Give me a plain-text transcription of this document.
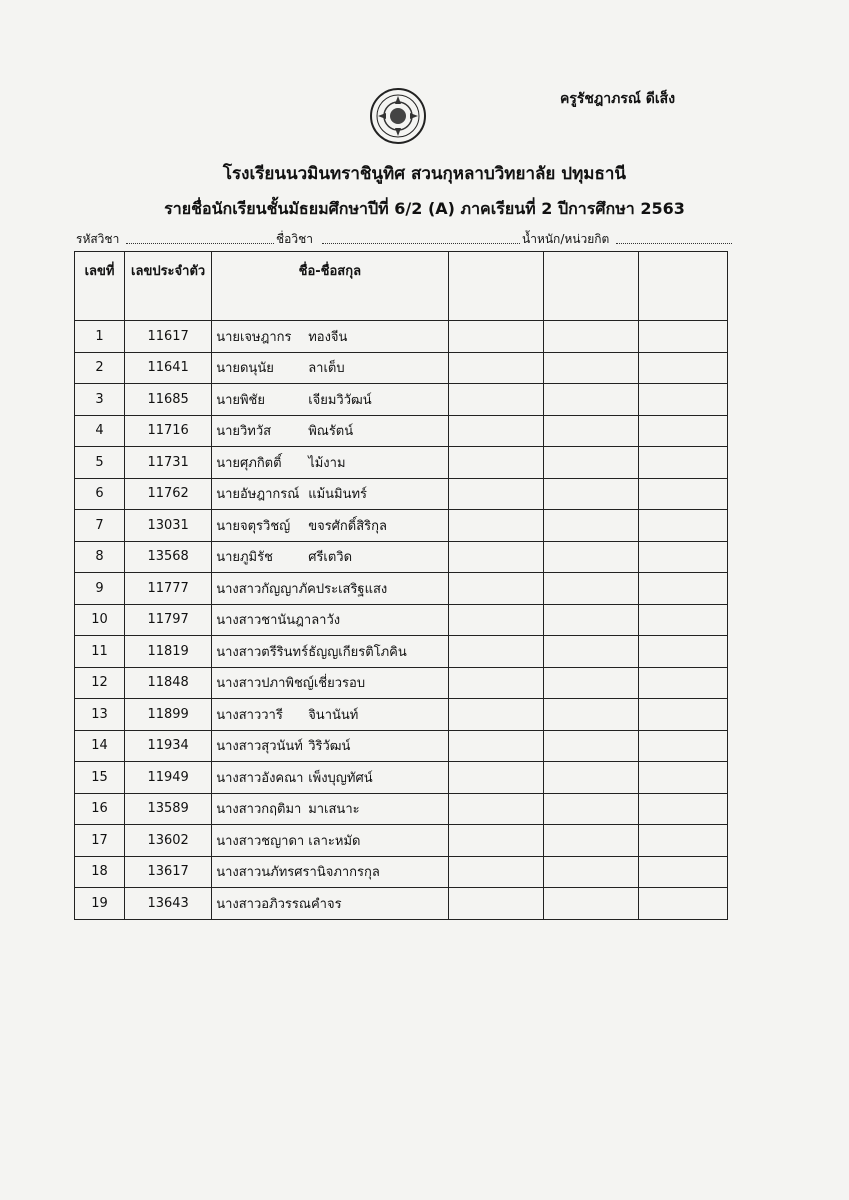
ครูรัชฎาภรณ์ ดีเส็ง
โรงเรียนนวมินทราชินูทิศ สวนกุหลาบวิทยาลัย ปทุมธานี
รายชื่อนักเรียนชั้นมัธยมศึกษาปีที่ 6/2 (A) ภาคเรียนที่ 2 ปีการศึกษา 2563
รหัสวิชา	ชื่อวิชา	น้ำหนัก/หน่วยกิต
เลขที่	เลขประจำตัว	ชื่อ-ชื่อสกุล			
1	11617	นายเจษฎากร ทองจีน			
2	11641	นายดนุนัย ลาเต็บ			
3	11685	นายพิชัย เจียมวิวัฒน์			
4	11716	นายวิทวัส พิณรัตน์			
5	11731	นายศุภกิตติ์ ไม้งาม			
6	11762	นายอัษฎากรณ์ แม้นมินทร์			
7	13031	นายจตุรวิชญ์ ขจรศักดิ์สิริกุล			
8	13568	นายภูมิรัช ศรีเตวิด			
9	11777	นางสาวกัญญาภัคประเสริฐแสง			
10	11797	นางสาวชานันฎาลาวัง			
11	11819	นางสาวตรีรินทร์ธัญญเกียรติโภคิน			
12	11848	นางสาวปภาพิชญ์เชี่ยวรอบ			
13	11899	นางสาววารี จินานันท์			
14	11934	นางสาวสุวนันท์ วิริวัฒน์			
15	11949	นางสาวอังคณา เพ็งบุญทัศน์			
16	13589	นางสาวกฤติมา มาเสนาะ			
17	13602	นางสาวชญาดา เลาะหมัด			
18	13617	นางสาวนภัทรศรานิจภากรกุล			
19	13643	นางสาวอภิวรรณคำจร			
